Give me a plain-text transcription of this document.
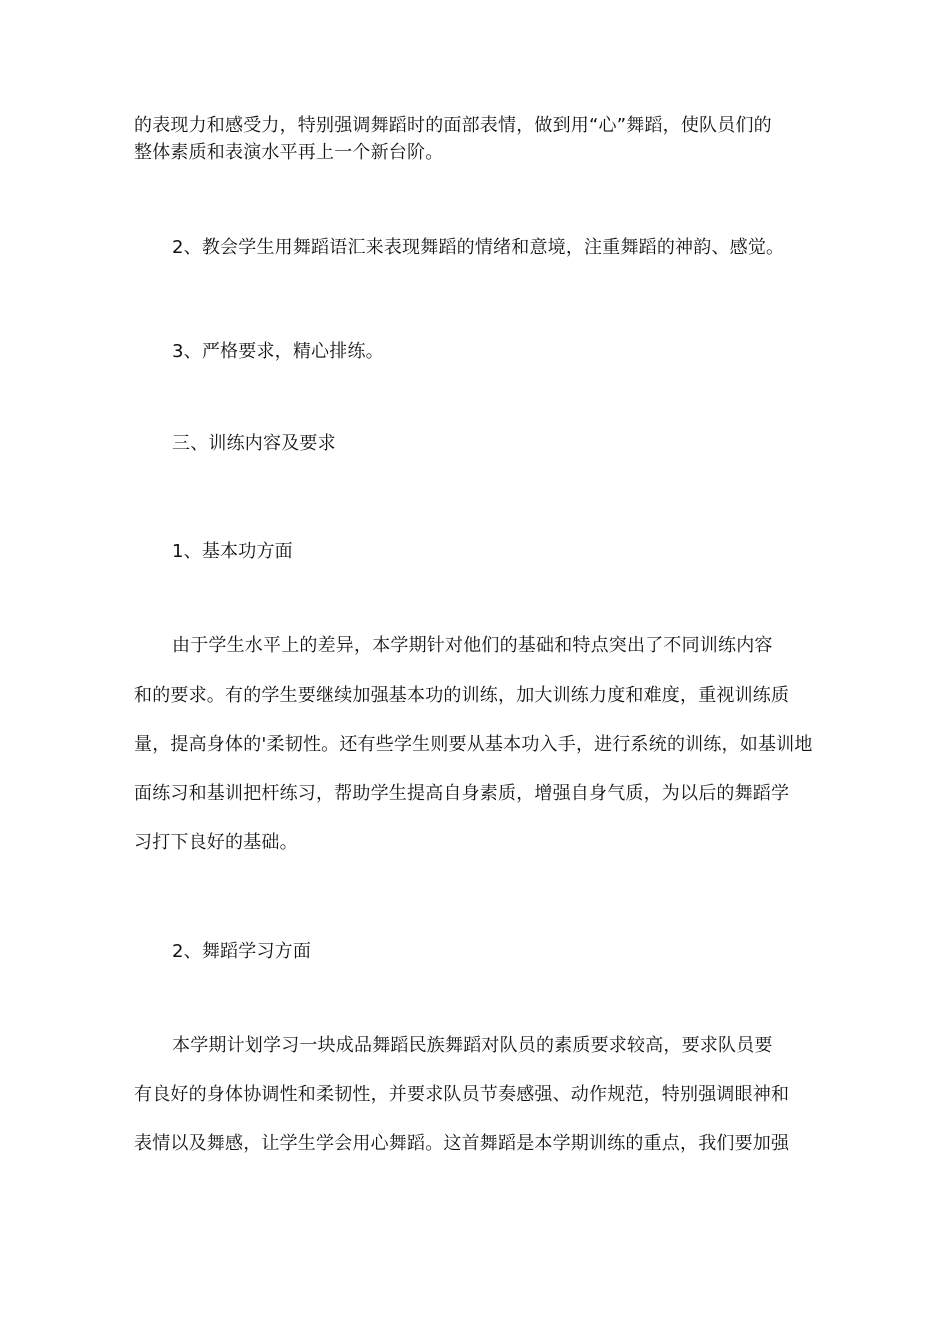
的表现力和感受力，特别强调舞蹈时的面部表情，做到用“心”舞蹈，使队员们的
整体素质和表演水平再上一个新台阶。
2、教会学生用舞蹈语汇来表现舞蹈的情绪和意境，注重舞蹈的神韵、感觉。
3、严格要求，精心排练。
三、训练内容及要求
1、基本功方面
由于学生水平上的差异，本学期针对他们的基础和特点突出了不同训练内容
和的要求。有的学生要继续加强基本功的训练，加大训练力度和难度，重视训练质
量，提高身体的'柔韧性。还有些学生则要从基本功入手，进行系统的训练，如基训地
面练习和基训把杆练习，帮助学生提高自身素质，增强自身气质，为以后的舞蹈学
习打下良好的基础。
2、舞蹈学习方面
本学期计划学习一块成品舞蹈民族舞蹈对队员的素质要求较高，要求队员要
有良好的身体协调性和柔韧性，并要求队员节奏感强、动作规范，特别强调眼神和
表情以及舞感，让学生学会用心舞蹈。这首舞蹈是本学期训练的重点，我们要加强
